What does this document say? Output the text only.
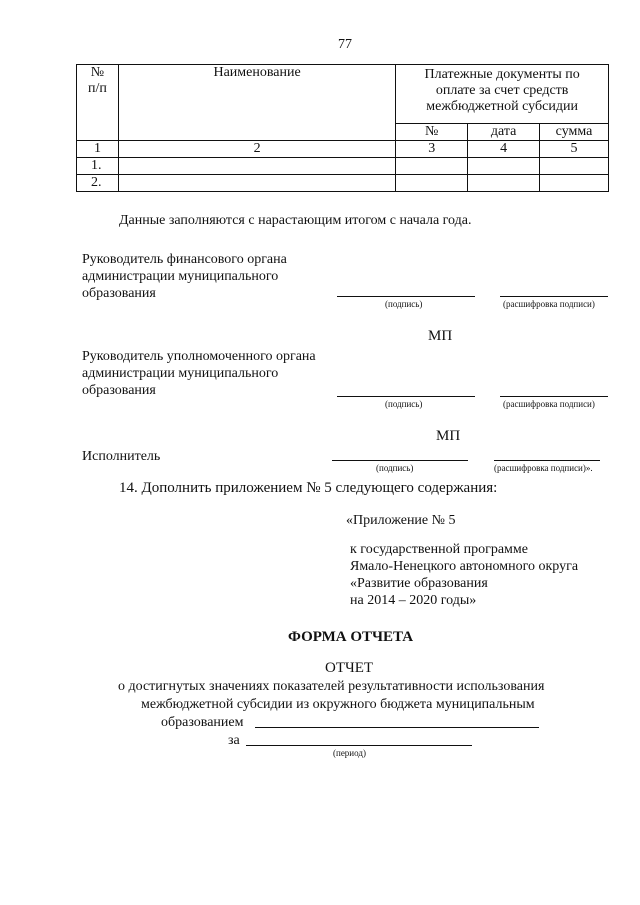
77
№
п/п	Наименование	Платежные документы по оплате за счет средств межбюджетной субсидии		
		№	дата	сумма
1	2	3	4	5
1.				
2.				
Данные заполняются с нарастающим итогом с начала года.
Руководитель финансового органа
администрации муниципального
образования
(подпись)	(расшифровка подписи)
МП
Руководитель уполномоченного органа
администрации муниципального
образования
(подпись)	(расшифровка подписи)
МП
Исполнитель
(подпись)	(расшифровка подписи)».
14. Дополнить приложением № 5 следующего содержания:
«Приложение № 5
к государственной программе
Ямало-Ненецкого автономного округа
«Развитие образования
на 2014 – 2020 годы»
ФОРМА ОТЧЕТА
ОТЧЕТ
о достигнутых значениях показателей результативности использования
межбюджетной субсидии из окружного бюджета муниципальным
образованием
за
(период)
